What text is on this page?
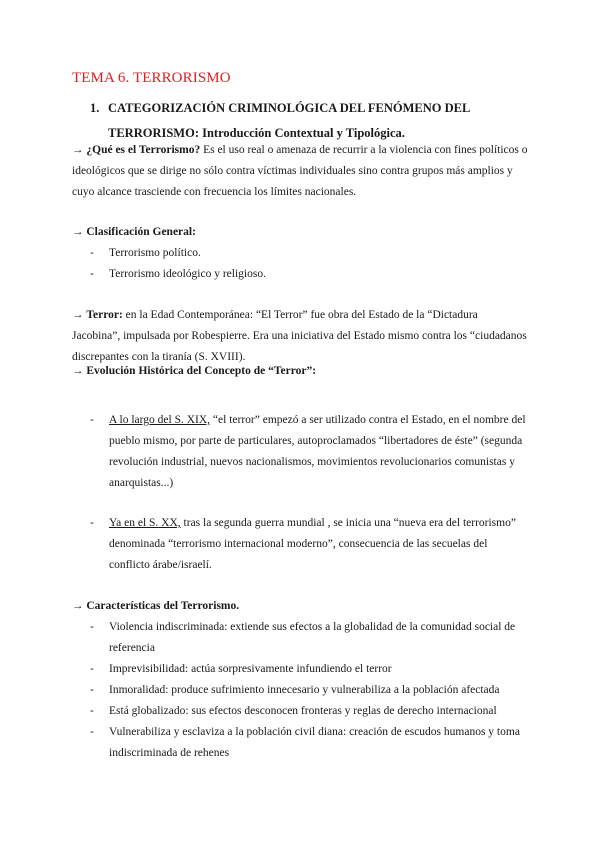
TEMA 6. TERRORISMO
1. CATEGORIZACIÓN CRIMINOLÓGICA DEL FENÓMENO DEL
TERRORISMO: Introducción Contextual y Tipológica.
→ ¿Qué es el Terrorismo? Es el uso real o amenaza de recurrir a la violencia con fines políticos o ideológicos que se dirige no sólo contra víctimas individuales sino contra grupos más amplios y cuyo alcance trasciende con frecuencia los límites nacionales.
→ Clasificación General:
- Terrorismo político.
- Terrorismo ideológico y religioso.
→ Terror: en la Edad Contemporánea: “El Terror” fue obra del Estado de la “Dictadura Jacobina”, impulsada por Robespierre. Era una iniciativa del Estado mismo contra los “ciudadanos discrepantes con la tiranía (S. XVIII).
→ Evolución Histórica del Concepto de “Terror”:
- A lo largo del S. XIX, “el terror” empezó a ser utilizado contra el Estado, en el nombre del pueblo mismo, por parte de particulares, autoproclamados “libertadores de éste” (segunda revolución industrial, nuevos nacionalismos, movimientos revolucionarios comunistas y anarquistas...)
- Ya en el S. XX, tras la segunda guerra mundial , se inicia una “nueva era del terrorismo” denominada “terrorismo internacional moderno”, consecuencia de las secuelas del conflicto árabe/israelí.
→ Características del Terrorismo.
- Violencia indiscriminada: extiende sus efectos a la globalidad de la comunidad social de referencia
- Imprevisibilidad: actúa sorpresivamente infundiendo el terror
- Inmoralidad: produce sufrimiento innecesario y vulnerabiliza a la población afectada
- Está globalizado: sus efectos desconocen fronteras y reglas de derecho internacional
- Vulnerabiliza y esclaviza a la población civil diana: creación de escudos humanos y toma indiscriminada de rehenes
